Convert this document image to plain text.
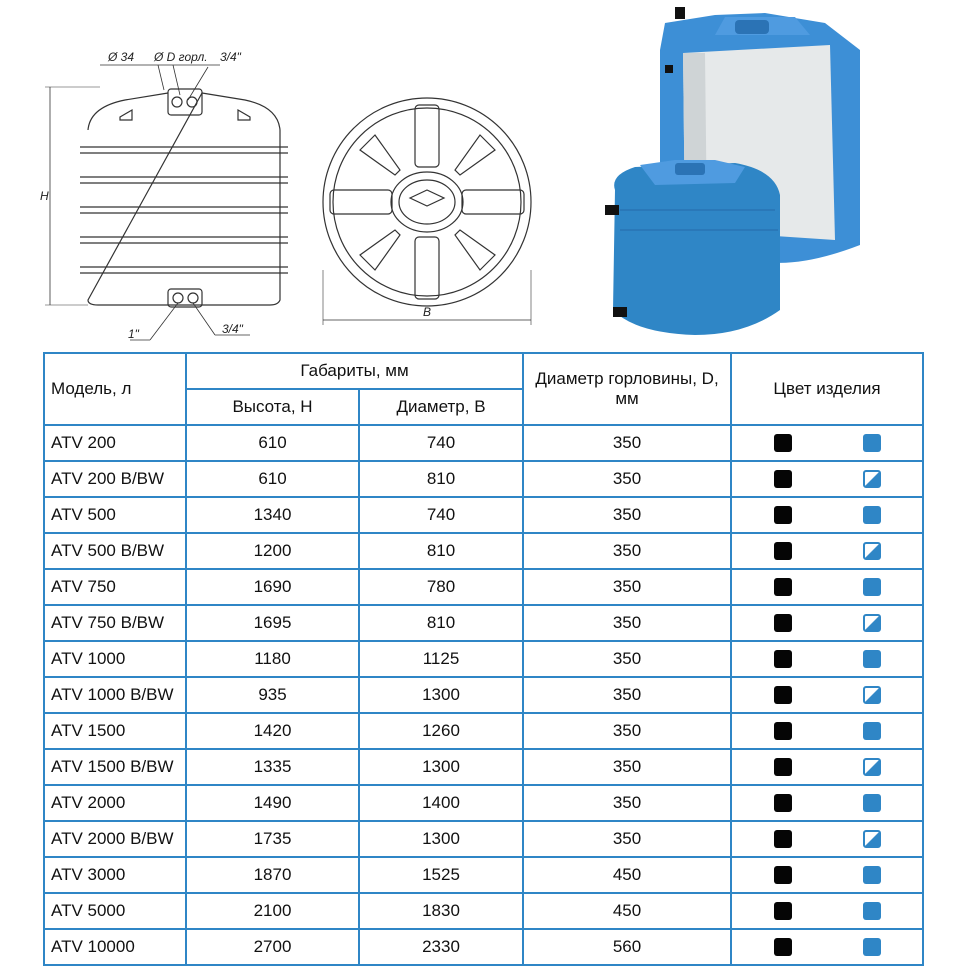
Ø 34 Ø D горл. 3/4"
H
1"	3/4"
B
Модель, л	Габариты, мм		Диаметр горловины, D, мм	Цвет изделия
	Высота, Н	Диаметр, В		
ATV 200	610	740	350	

ATV 200 B/BW	610	810	350	

ATV 500	1340	740	350	

ATV 500 B/BW	1200	810	350	

ATV 750	1690	780	350	

ATV 750 B/BW	1695	810	350	

ATV 1000	1180	1125	350	

ATV 1000 B/BW	935	1300	350	

ATV 1500	1420	1260	350	

ATV 1500 B/BW	1335	1300	350	

ATV 2000	1490	1400	350	

ATV 2000 B/BW	1735	1300	350	

ATV 3000	1870	1525	450	

ATV 5000	2100	1830	450	

ATV 10000	2700	2330	560	
